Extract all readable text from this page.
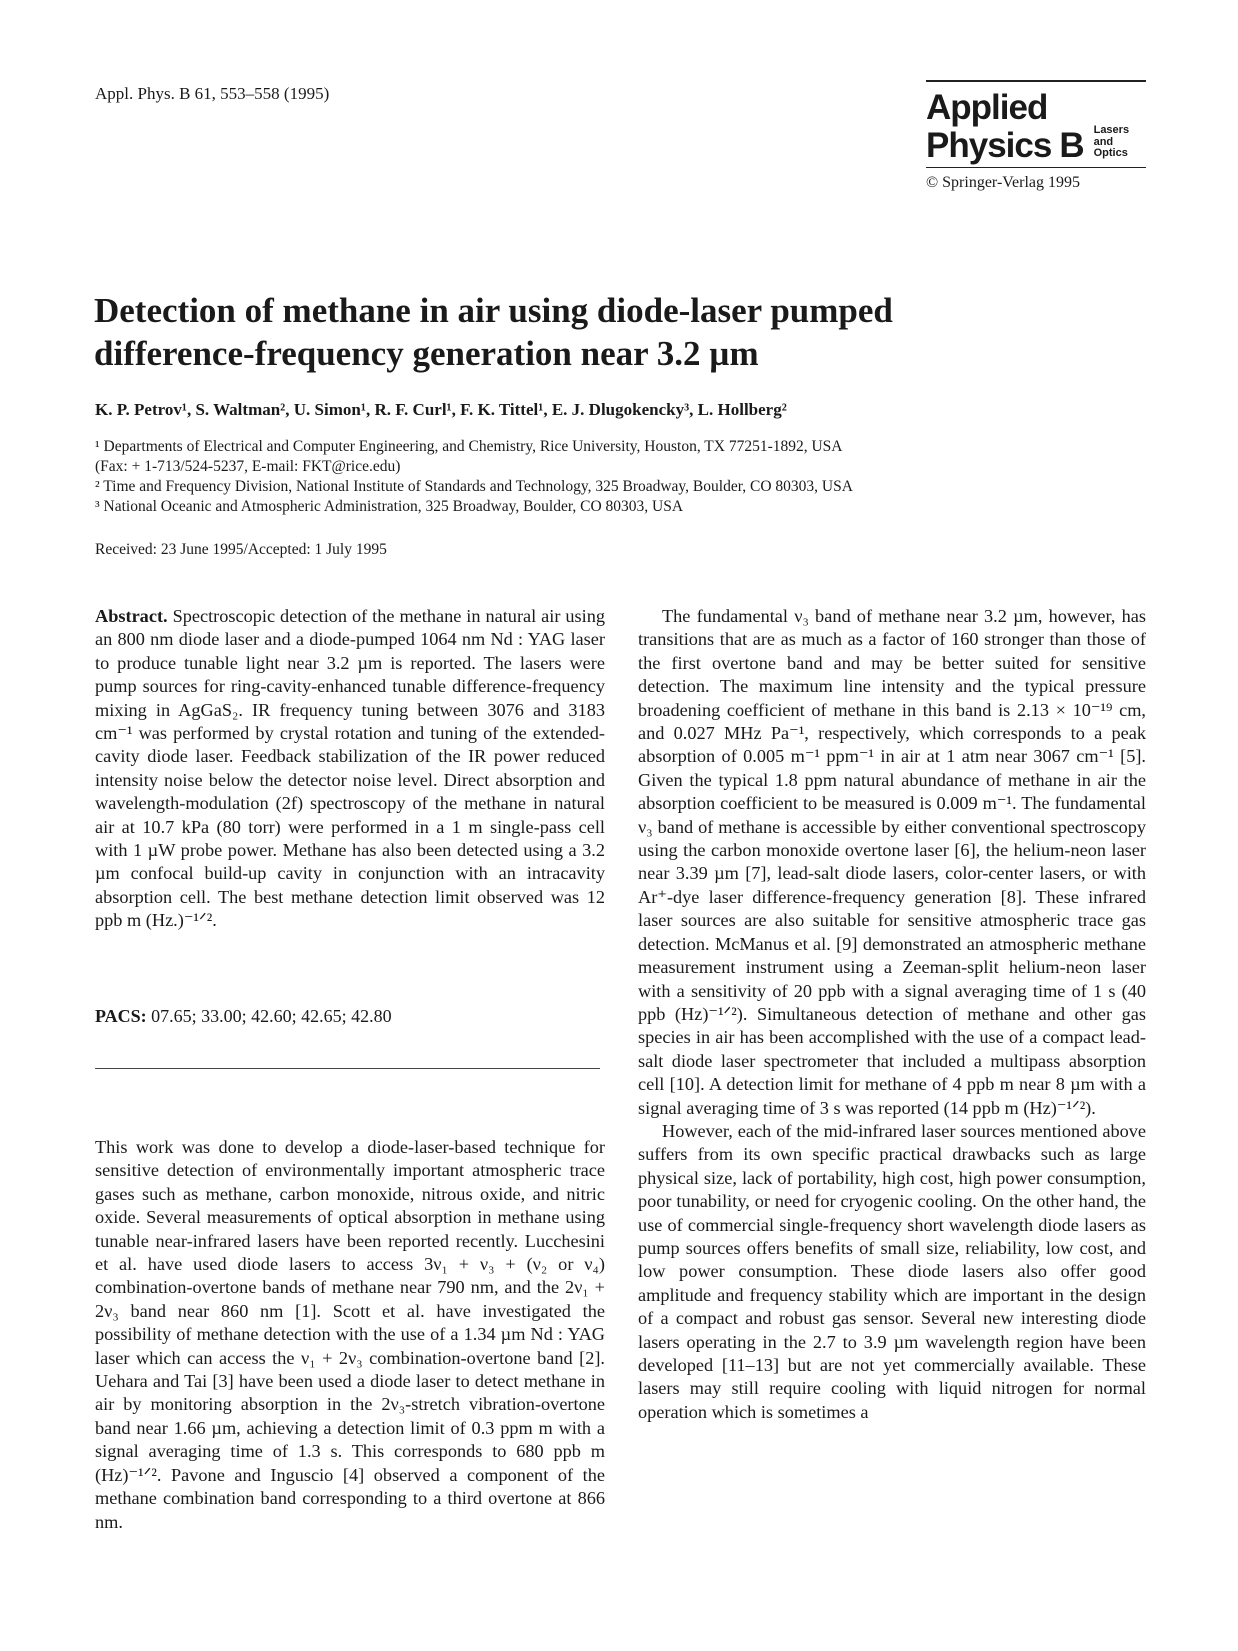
Appl. Phys. B 61, 553–558 (1995)	Applied
Physics B Lasers
and Optics
© Springer-Verlag 1995
Detection of methane in air using diode-laser pumped
difference-frequency generation near 3.2 µm
K. P. Petrov¹, S. Waltman², U. Simon¹, R. F. Curl¹, F. K. Tittel¹, E. J. Dlugokencky³, L. Hollberg²
¹ Departments of Electrical and Computer Engineering, and Chemistry, Rice University, Houston, TX 77251-1892, USA
(Fax: + 1-713/524-5237, E-mail: FKT@rice.edu)
² Time and Frequency Division, National Institute of Standards and Technology, 325 Broadway, Boulder, CO 80303, USA
³ National Oceanic and Atmospheric Administration, 325 Broadway, Boulder, CO 80303, USA
Received: 23 June 1995/Accepted: 1 July 1995

Abstract. Spectroscopic detection of the methane in natural air using an 800 nm diode laser and a diode-pumped 1064 nm Nd : YAG laser to produce tunable light near 3.2 µm is reported. The lasers were pump sources for ring-cavity-enhanced tunable difference-frequency mixing in AgGaS₂. IR frequency tuning between 3076 and 3183 cm⁻¹ was performed by crystal rotation and tuning of the extended-cavity diode laser. Feedback stabilization of the IR power reduced intensity noise below the detector noise level. Direct absorption and wavelength-modulation (2f) spectroscopy of the methane in natural air at 10.7 kPa (80 torr) were performed in a 1 m single-pass cell with 1 µW probe power. Methane has also been detected using a 3.2 µm confocal build-up cavity in conjunction with an intracavity absorption cell. The best methane detection limit observed was 12 ppb m (Hz.)⁻¹ᐟ².

PACS: 07.65; 33.00; 42.60; 42.65; 42.80

This work was done to develop a diode-laser-based technique for sensitive detection of environmentally important atmospheric trace gases such as methane, carbon monoxide, nitrous oxide, and nitric oxide. Several measurements of optical absorption in methane using tunable near-infrared lasers have been reported recently. Lucchesini et al. have used diode lasers to access 3ν₁ + ν₃ + (ν₂ or ν₄) combination-overtone bands of methane near 790 nm, and the 2ν₁ + 2ν₃ band near 860 nm [1]. Scott et al. have investigated the possibility of methane detection with the use of a 1.34 µm Nd : YAG laser which can access the ν₁ + 2ν₃ combination-overtone band [2]. Uehara and Tai [3] have been used a diode laser to detect methane in air by monitoring absorption in the 2ν₃-stretch vibration-overtone band near 1.66 µm, achieving a detection limit of 0.3 ppm m with a signal averaging time of 1.3 s. This corresponds to 680 ppb m (Hz)⁻¹ᐟ². Pavone and Inguscio [4] observed a component of the methane combination band corresponding to a third overtone at 866 nm.

The fundamental ν₃ band of methane near 3.2 µm, however, has transitions that are as much as a factor of 160 stronger than those of the first overtone band and may be better suited for sensitive detection. The maximum line intensity and the typical pressure broadening coefficient of methane in this band is 2.13 × 10⁻¹⁹ cm, and 0.027 MHz Pa⁻¹, respectively, which corresponds to a peak absorption of 0.005 m⁻¹ ppm⁻¹ in air at 1 atm near 3067 cm⁻¹ [5]. Given the typical 1.8 ppm natural abundance of methane in air the absorption coefficient to be measured is 0.009 m⁻¹. The fundamental ν₃ band of methane is accessible by either conventional spectroscopy using the carbon monoxide overtone laser [6], the helium-neon laser near 3.39 µm [7], lead-salt diode lasers, color-center lasers, or with Ar⁺-dye laser difference-frequency generation [8]. These infrared laser sources are also suitable for sensitive atmospheric trace gas detection. McManus et al. [9] demonstrated an atmospheric methane measurement instrument using a Zeeman-split helium-neon laser with a sensitivity of 20 ppb with a signal averaging time of 1 s (40 ppb (Hz)⁻¹ᐟ²). Simultaneous detection of methane and other gas species in air has been accomplished with the use of a compact lead-salt diode laser spectrometer that included a multipass absorption cell [10]. A detection limit for methane of 4 ppb m near 8 µm with a signal averaging time of 3 s was reported (14 ppb m (Hz)⁻¹ᐟ²).

However, each of the mid-infrared laser sources mentioned above suffers from its own specific practical drawbacks such as large physical size, lack of portability, high cost, high power consumption, poor tunability, or need for cryogenic cooling. On the other hand, the use of commercial single-frequency short wavelength diode lasers as pump sources offers benefits of small size, reliability, low cost, and low power consumption. These diode lasers also offer good amplitude and frequency stability which are important in the design of a compact and robust gas sensor. Several new interesting diode lasers operating in the 2.7 to 3.9 µm wavelength region have been developed [11–13] but are not yet commercially available. These lasers may still require cooling with liquid nitrogen for normal operation which is sometimes a
